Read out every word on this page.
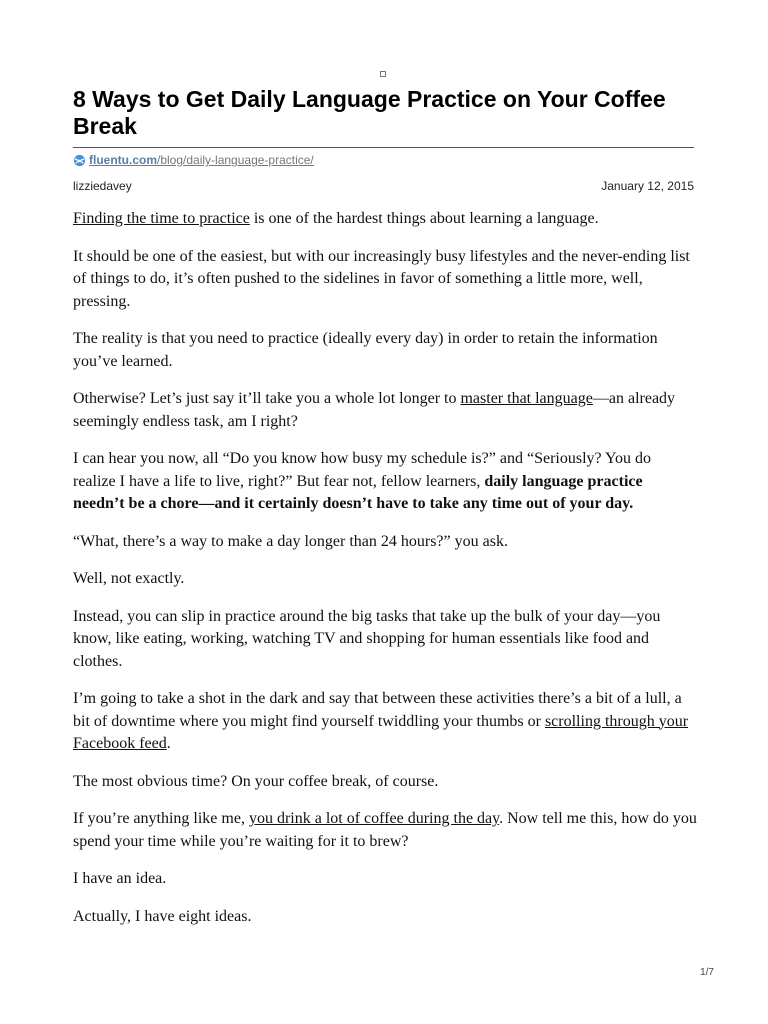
8 Ways to Get Daily Language Practice on Your Coffee Break
fluentu.com/blog/daily-language-practice/
lizziedavey	January 12, 2015

Finding the time to practice is one of the hardest things about learning a language.

It should be one of the easiest, but with our increasingly busy lifestyles and the never-ending list of things to do, it’s often pushed to the sidelines in favor of something a little more, well, pressing.

The reality is that you need to practice (ideally every day) in order to retain the information you’ve learned.

Otherwise? Let’s just say it’ll take you a whole lot longer to master that language—an already seemingly endless task, am I right?

I can hear you now, all “Do you know how busy my schedule is?” and “Seriously? You do realize I have a life to live, right?” But fear not, fellow learners, daily language practice needn’t be a chore—and it certainly doesn’t have to take any time out of your day.

“What, there’s a way to make a day longer than 24 hours?” you ask.

Well, not exactly.

Instead, you can slip in practice around the big tasks that take up the bulk of your day—you know, like eating, working, watching TV and shopping for human essentials like food and clothes.

I’m going to take a shot in the dark and say that between these activities there’s a bit of a lull, a bit of downtime where you might find yourself twiddling your thumbs or scrolling through your Facebook feed.

The most obvious time? On your coffee break, of course.

If you’re anything like me, you drink a lot of coffee during the day. Now tell me this, how do you spend your time while you’re waiting for it to brew?

I have an idea.

Actually, I have eight ideas.

1/7
